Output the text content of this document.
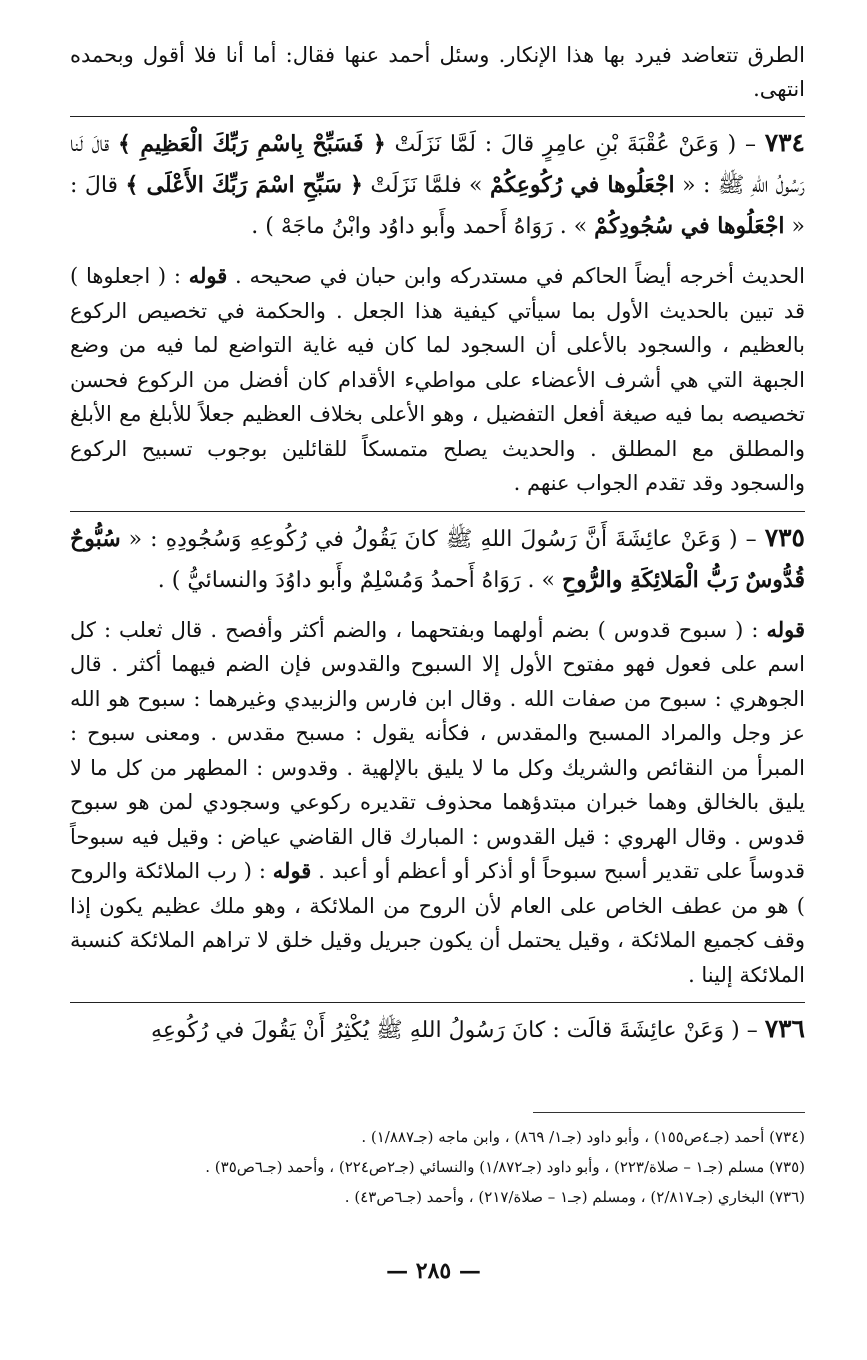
الطرق تتعاضد فيرد بها هذا الإنكار. وسئل أحمد عنها فقال: أما أنا فلا أقول وبحمده انتهى.

٧٣٤ – ( وَعَنْ عُقْبَةَ بْنِ عامِرٍ قالَ : لَمَّا نَزَلَتْ ﴿ فَسَبِّحْ بِاسْمِ رَبِّكَ الْعَظِيمِ ﴾ قالَ لَنا رَسُولُ اللهِ ﷺ : « اجْعَلُوها في رُكُوعِكُمْ » فلمَّا نَزَلَتْ ﴿ سَبِّحِ اسْمَ رَبِّكَ الأَعْلَى ﴾ قالَ : « اجْعَلُوها في سُجُودِكُمْ » . رَوَاهُ أَحمد وأَبو داوُد وابْنُ ماجَهْ ) .

الحديث أخرجه أيضاً الحاكم في مستدركه وابن حبان في صحيحه . قوله : ( اجعلوها ) قد تبين بالحديث الأول بما سيأتي كيفية هذا الجعل . والحكمة في تخصيص الركوع بالعظيم ، والسجود بالأعلى أن السجود لما كان فيه غاية التواضع لما فيه من وضع الجبهة التي هي أشرف الأعضاء على مواطيء الأقدام كان أفضل من الركوع فحسن تخصيصه بما فيه صيغة أفعل التفضيل ، وهو الأعلى بخلاف العظيم جعلاً للأبلغ مع الأبلغ والمطلق مع المطلق . والحديث يصلح متمسكاً للقائلين بوجوب تسبيح الركوع والسجود وقد تقدم الجواب عنهم .

٧٣٥ – ( وَعَنْ عائِشَةَ أَنَّ رَسُولَ اللهِ ﷺ كانَ يَقُولُ في رُكُوعِهِ وَسُجُودِهِ : « سُبُّوحٌ قُدُّوسٌ رَبُّ الْمَلائِكَةِ والرُّوحِ » . رَوَاهُ أَحمدُ وَمُسْلِمٌ وأَبو داوُدَ والنسائيُّ ) .

قوله : ( سبوح قدوس ) بضم أولهما وبفتحهما ، والضم أكثر وأفصح . قال ثعلب : كل اسم على فعول فهو مفتوح الأول إلا السبوح والقدوس فإن الضم فيهما أكثر . قال الجوهري : سبوح من صفات الله . وقال ابن فارس والزبيدي وغيرهما : سبوح هو الله عز وجل والمراد المسبح والمقدس ، فكأنه يقول : مسبح مقدس . ومعنى سبوح : المبرأ من النقائص والشريك وكل ما لا يليق بالإلهية . وقدوس : المطهر من كل ما لا يليق بالخالق وهما خبران مبتدؤهما محذوف تقديره ركوعي وسجودي لمن هو سبوح قدوس . وقال الهروي : قيل القدوس : المبارك قال القاضي عياض : وقيل فيه سبوحاً قدوساً على تقدير أسبح سبوحاً أو أذكر أو أعظم أو أعبد . قوله : ( رب الملائكة والروح ) هو من عطف الخاص على العام لأن الروح من الملائكة ، وهو ملك عظيم يكون إذا وقف كجميع الملائكة ، وقيل يحتمل أن يكون جبريل وقيل خلق لا تراهم الملائكة كنسبة الملائكة إلينا .

٧٣٦ – ( وَعَنْ عائِشَةَ قالَت : كانَ رَسُولُ اللهِ ﷺ يُكْثِرُ أَنْ يَقُولَ في رُكُوعِهِ

(٧٣٤) أحمد (جـ٤ص١٥٥) ، وأبو داود (جـ١/ ٨٦٩) ، وابن ماجه (جـ١/٨٨٧) .

(٧٣٥) مسلم (جـ١ – صلاة/٢٢٣) ، وأبو داود (جـ١/٨٧٢) والنسائي (جـ٢ص٢٢٤) ، وأحمد (جـ٦ص٣٥) .

(٧٣٦) البخاري (جـ٢/٨١٧) ، ومسلم (جـ١ – صلاة/٢١٧) ، وأحمد (جـ٦ص٤٣) .

— ٢٨٥ —
